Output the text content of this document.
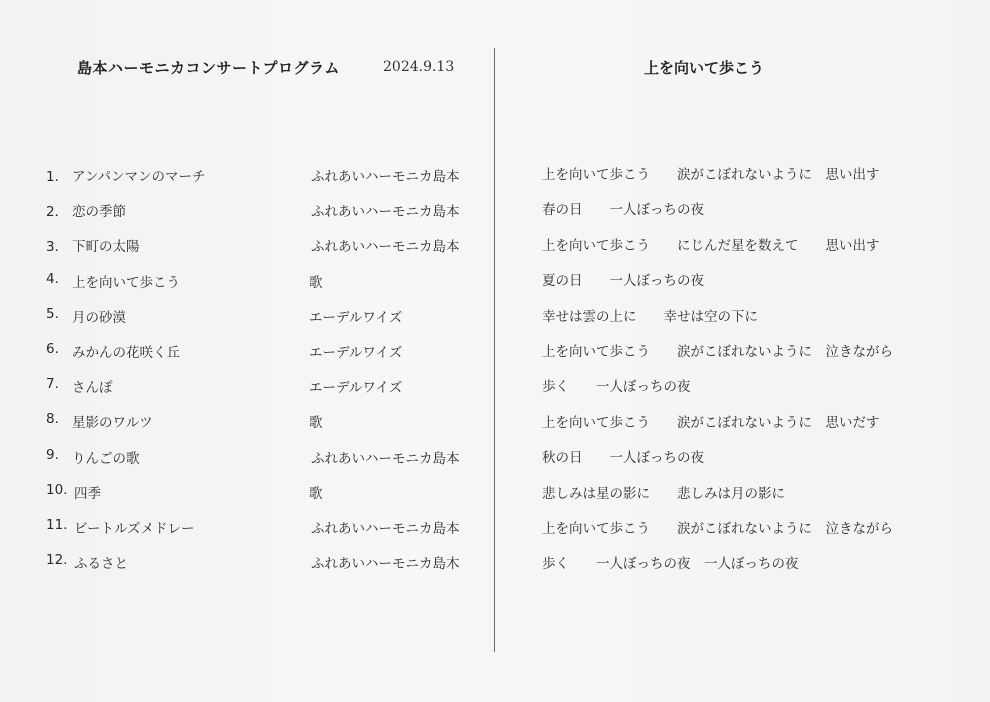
島本ハーモニカコンサートプログラム	2024.9.13
1． アンパンマンのマーチ	ふれあいハーモニカ島本
2． 恋の季節	ふれあいハーモニカ島本
3． 下町の太陽	ふれあいハーモニカ島本
4. 上を向いて歩こう	歌
5. 月の砂漠	エーデルワイズ
6. みかんの花咲く丘	エーデルワイズ
7. さんぽ	エーデルワイズ
8. 星影のワルツ	歌
9. りんごの歌	ふれあいハーモニカ島本
10. 四季	歌
11. ビートルズメドレー	ふれあいハーモニカ島本
12. ふるさと	ふれあいハーモニカ島木
上を向いて歩こう
上を向いて歩こう　　涙がこぼれないように　思い出す
春の日　　一人ぼっちの夜
上を向いて歩こう　　にじんだ星を数えて　　思い出す
夏の日　　一人ぼっちの夜
幸せは雲の上に　　幸せは空の下に
上を向いて歩こう　　涙がこぼれないように　泣きながら
歩く　　一人ぼっちの夜
上を向いて歩こう　　涙がこぼれないように　思いだす
秋の日　　一人ぼっちの夜
悲しみは星の影に　　悲しみは月の影に
上を向いて歩こう　　涙がこぼれないように　泣きながら
歩く　　一人ぼっちの夜　一人ぼっちの夜
